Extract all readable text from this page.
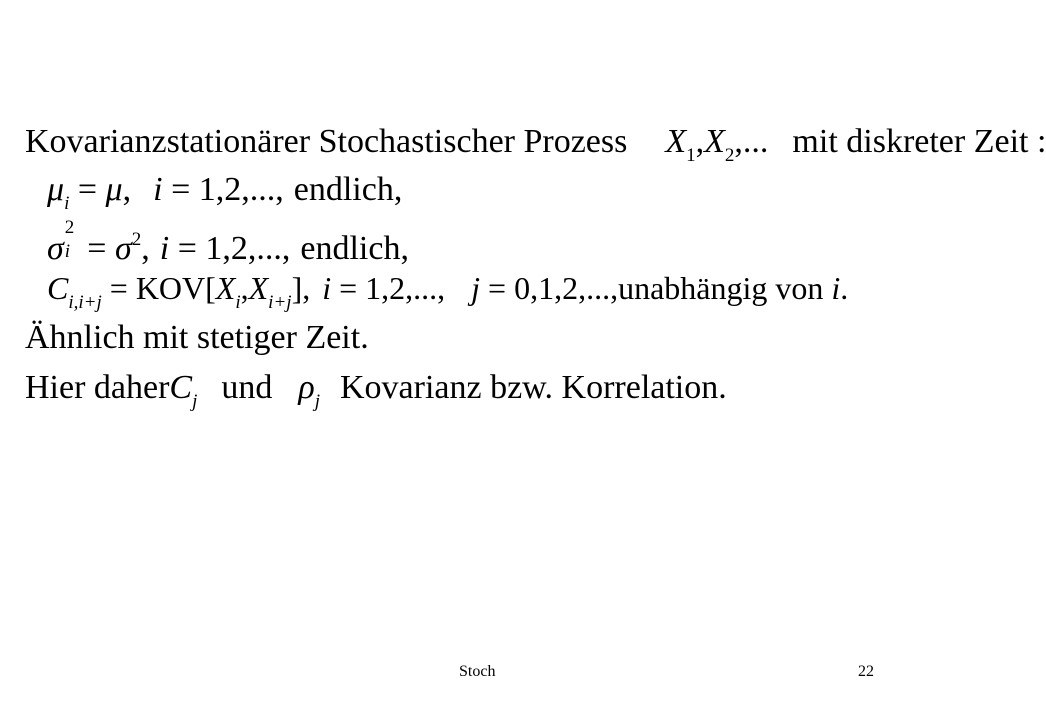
Kovarianzstationärer Stochastischer Prozess $X_1,X_2$,... mit diskreter Zeit :
$\mu_i = \mu$, i = 1,2,..., endlich,
σ
2
$i = \sigma^2$, i = 1,2,..., endlich,
$C_{i,i+j} = KOV[X_i,X_{i+j}]$, i = 1,2,..., j = 0,1,2,...,unabhängig von i.
Ähnlich mit stetiger Zeit.
Hier daherC$_j$ und $\rho_j$ Kovarianz bzw. Korrelation.
Stoch	22
